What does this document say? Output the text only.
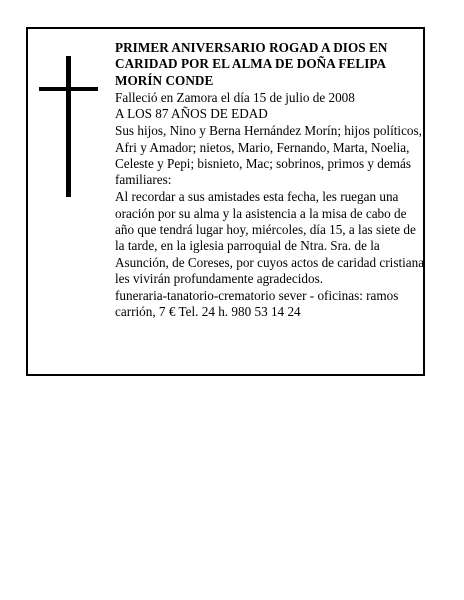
PRIMER ANIVERSARIO ROGAD A DIOS EN CARIDAD POR EL ALMA DE DOÑA FELIPA MORÍN CONDE

Falleció en Zamora el día 15 de julio de 2008

A LOS 87 AÑOS DE EDAD

Sus hijos, Nino y Berna Hernández Morín; hijos políticos, Afri y Amador; nietos, Mario, Fernando, Marta, Noelia, Celeste y Pepi; bisnieto, Mac; sobrinos, primos y demás familiares:

Al recordar a sus amistades esta fecha, les ruegan una oración por su alma y la asistencia a la misa de cabo de año que tendrá lugar hoy, miércoles, día 15, a las siete de la tarde, en la iglesia parroquial de Ntra. Sra. de la Asunción, de Coreses, por cuyos actos de caridad cristiana les vivirán profundamente agradecidos.

funeraria-tanatorio-crematorio sever - oficinas: ramos carrión, 7 € Tel. 24 h. 980 53 14 24
